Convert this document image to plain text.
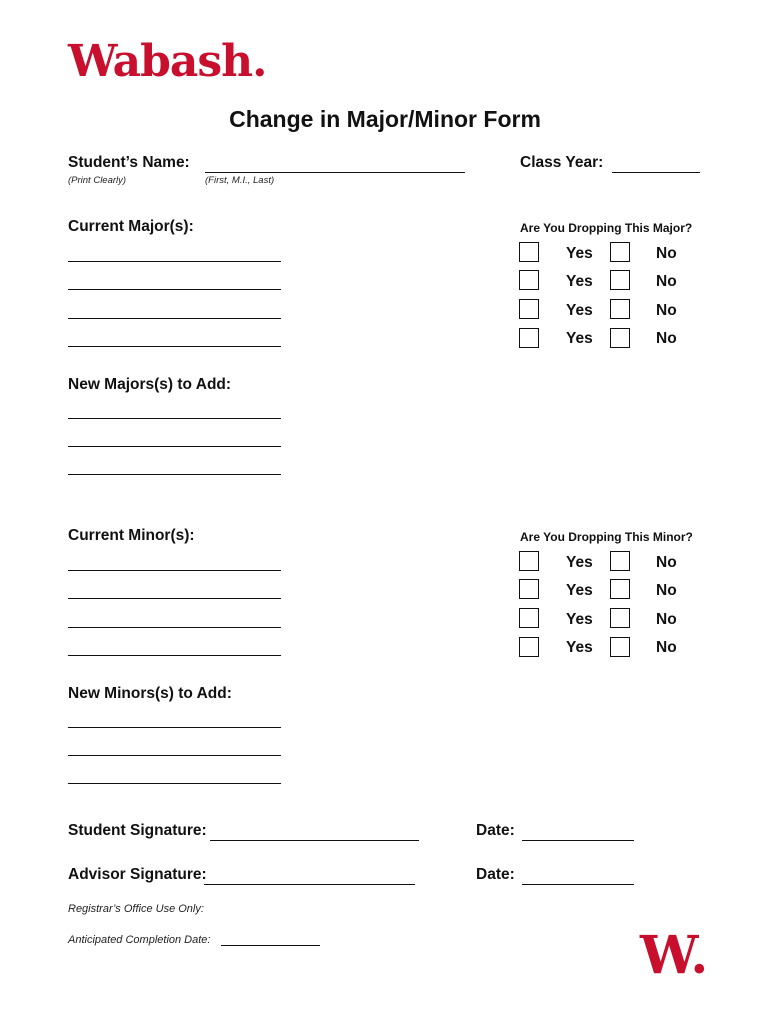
Wabash.
Change in Major/Minor Form
Student’s Name:
(Print Clearly)	(First, M.I., Last)
Class Year:
Current Major(s):	Are You Dropping This Major?
Yes	No
Yes	No
Yes	No
Yes	No
New Majors(s) to Add:
Current Minor(s):	Are You Dropping This Minor?
Yes	No
Yes	No
Yes	No
Yes	No
New Minors(s) to Add:
Student Signature:	Date:
Advisor Signature:	Date:
Registrar’s Office Use Only:
Anticipated Completion Date:	W.
